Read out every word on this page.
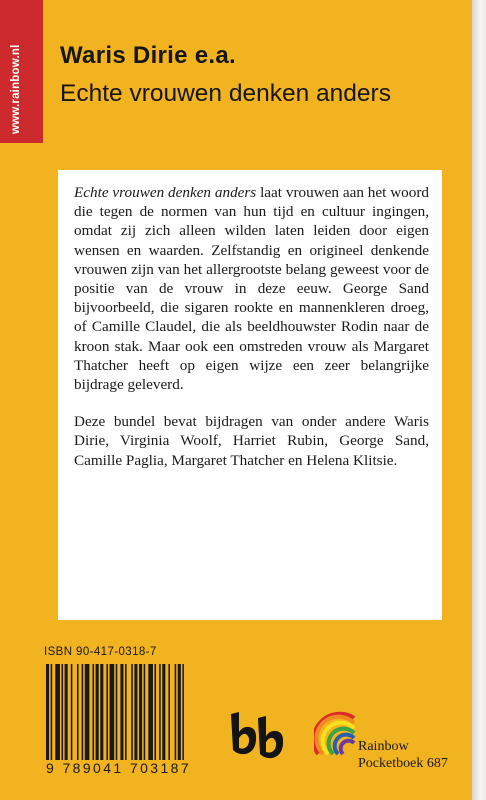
www.rainbow.nl Waris Dirie e.a.
Echte vrouwen denken anders

Echte vrouwen denken anders laat vrouwen aan het woord die tegen de normen van hun tijd en cultuur ingingen, omdat zij zich alleen wilden laten leiden door eigen wensen en waarden. Zelfstandig en origineel denkende vrouwen zijn van het allergrootste belang geweest voor de positie van de vrouw in deze eeuw. George Sand bijvoorbeeld, die sigaren rookte en mannenkleren droeg, of Camille Claudel, die als beeldhouwster Rodin naar de kroon stak. Maar ook een omstreden vrouw als Margaret Thatcher heeft op eigen wijze een zeer belangrijke bijdrage geleverd.

Deze bundel bevat bijdragen van onder andere Waris Dirie, Virginia Woolf, Harriet Rubin, George Sand, Camille Paglia, Margaret Thatcher en Helena Klitsie.

ISBN 90-417-0318-7
9 789041 703187
Rainbow
Pocketboek 687
